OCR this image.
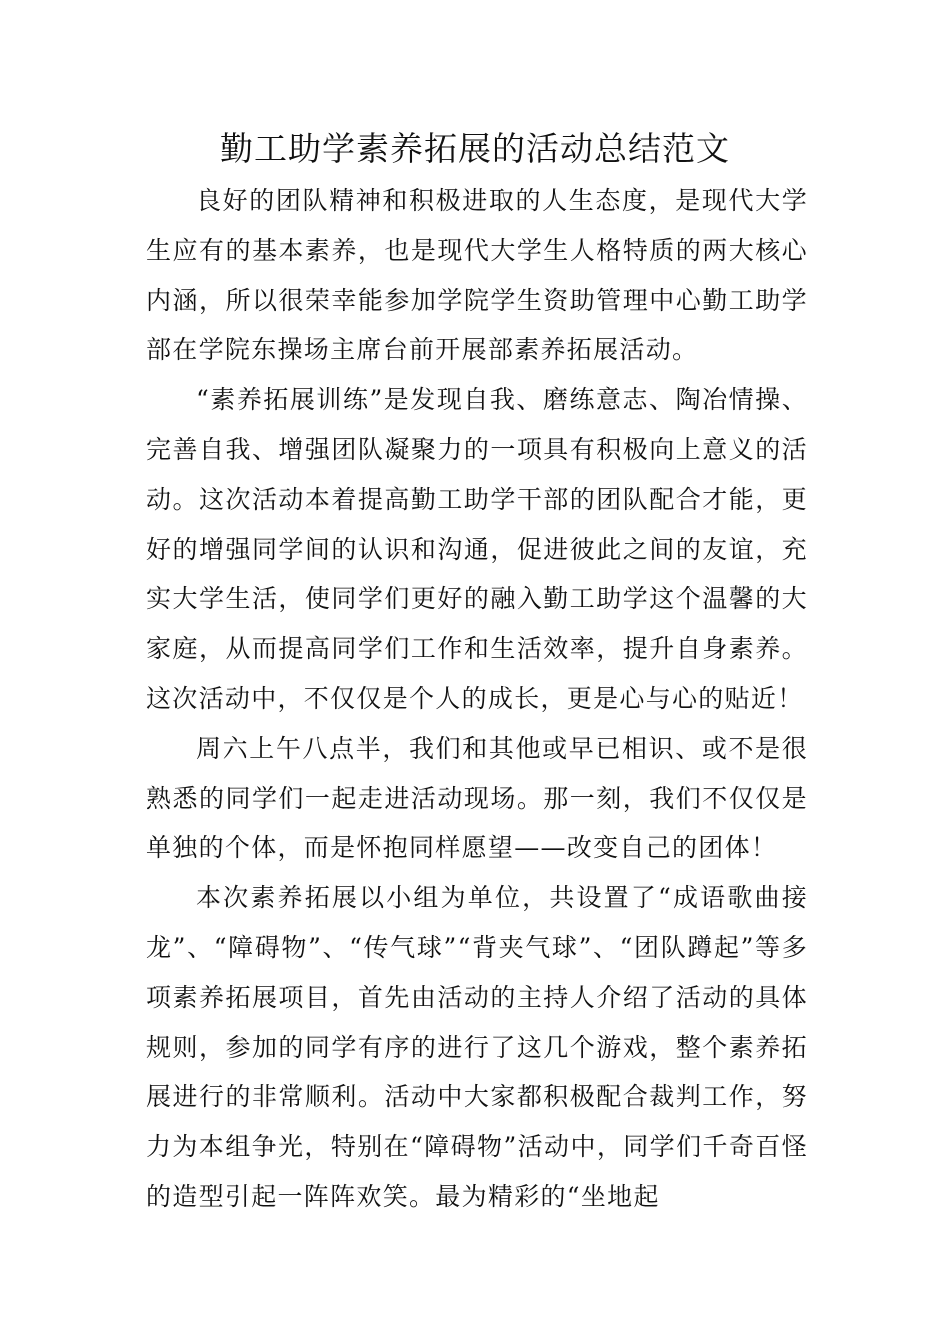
勤工助学素养拓展的活动总结范文

良好的团队精神和积极进取的人生态度，是现代大学生应有的基本素养，也是现代大学生人格特质的两大核心内涵，所以很荣幸能参加学院学生资助管理中心勤工助学部在学院东操场主席台前开展部素养拓展活动。

“素养拓展训练”是发现自我、磨练意志、陶冶情操、完善自我、增强团队凝聚力的一项具有积极向上意义的活动。这次活动本着提高勤工助学干部的团队配合才能，更好的增强同学间的认识和沟通，促进彼此之间的友谊，充实大学生活，使同学们更好的融入勤工助学这个温馨的大家庭，从而提高同学们工作和生活效率，提升自身素养。这次活动中，不仅仅是个人的成长，更是心与心的贴近！

周六上午八点半，我们和其他或早已相识、或不是很熟悉的同学们一起走进活动现场。那一刻，我们不仅仅是单独的个体，而是怀抱同样愿望——改变自己的团体！

本次素养拓展以小组为单位，共设置了“成语歌曲接龙”、“障碍物”、“传气球”“背夹气球”、“团队蹲起”等多项素养拓展项目，首先由活动的主持人介绍了活动的具体规则，参加的同学有序的进行了这几个游戏，整个素养拓展进行的非常顺利。活动中大家都积极配合裁判工作，努力为本组争光，特别在“障碍物”活动中，同学们千奇百怪的造型引起一阵阵欢笑。最为精彩的“坐地起
